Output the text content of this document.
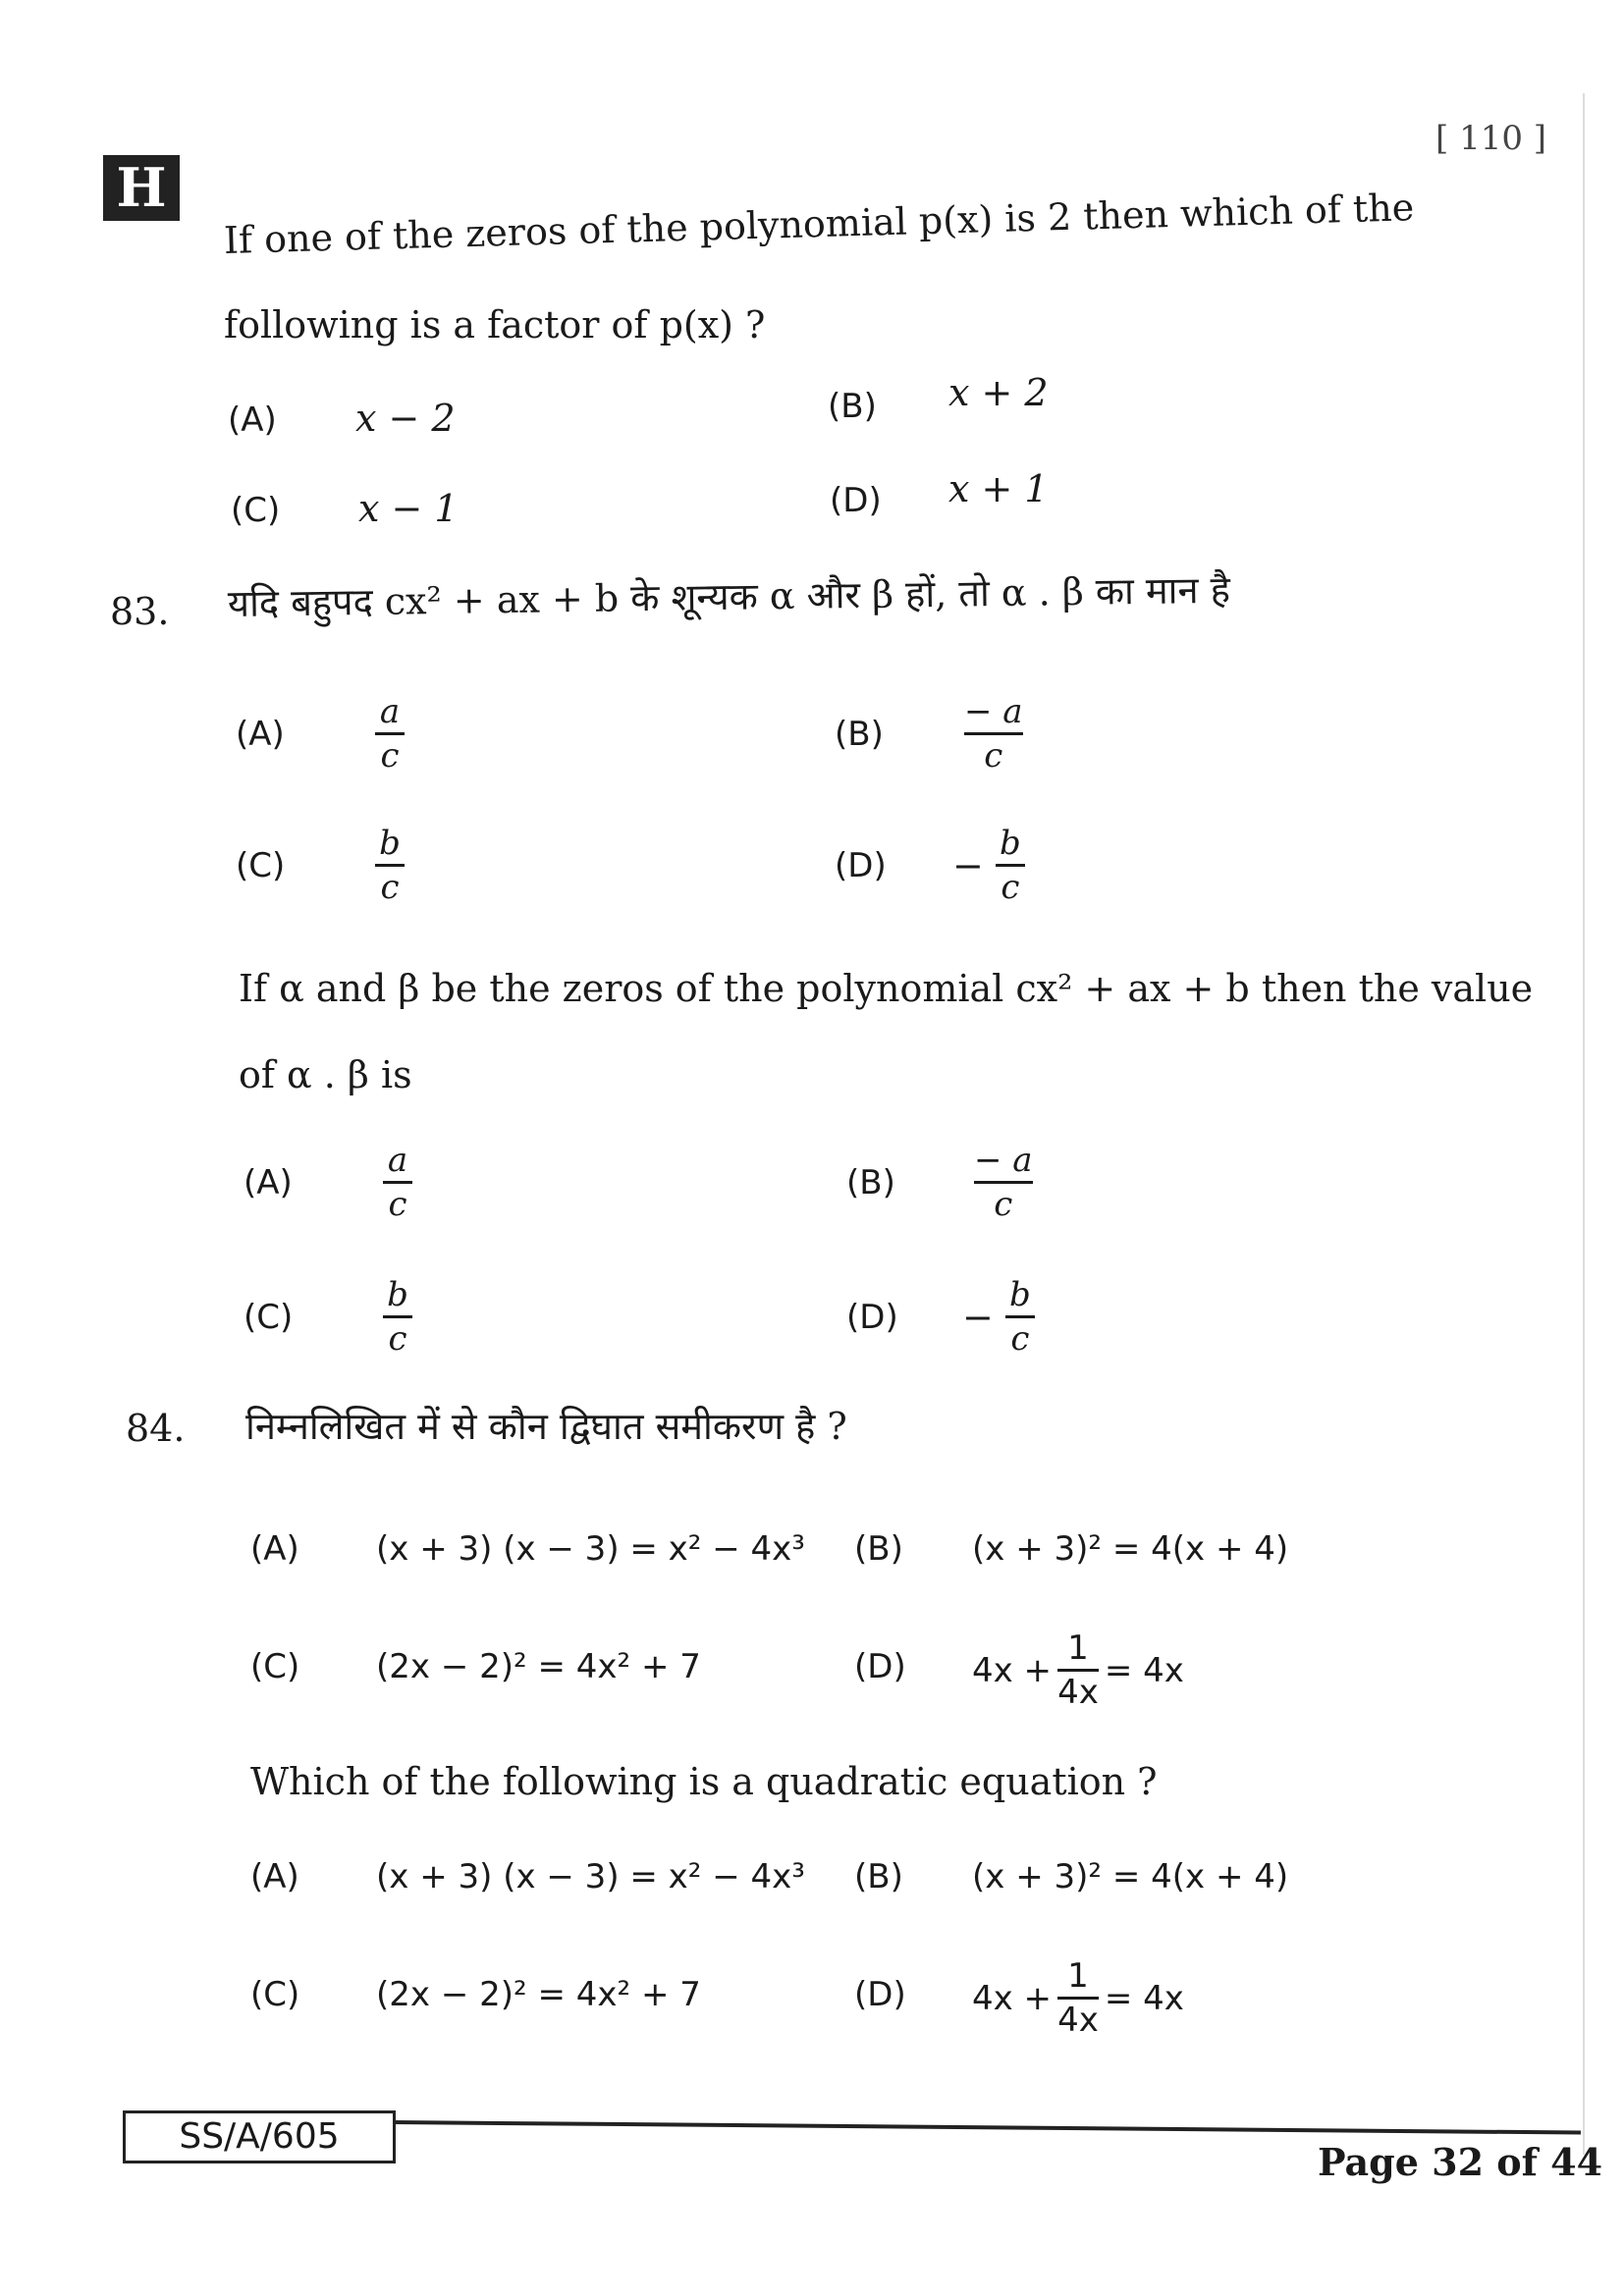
H
[ 110 ]
If one of the zeros of the polynomial p(x) is 2 then which of the
following is a factor of p(x) ?
(A) x − 2	(B) x + 2
(C) x − 1	(D) x + 1
83. यदि बहुपद cx² + ax + b के शून्यक α और β हों, तो α . β का मान है
(A)	$\frac{a}{c}$	$(B) \frac{- a}{c}$
(C)	$\frac{b}{c}$	$(D) - \frac{b}{c}$
If α and β be the zeros of the polynomial cx² + ax + b then the value
of α . β is
(A)	$\frac{a}{c}$	$(B) \frac{- a}{c}$
(C)	$\frac{b}{c}$	$(D) - \frac{b}{c}$
84. निम्नलिखित में से कौन द्विघात समीकरण है ?
(A) (x + 3) (x − 3) = x² − 4x³ (B) (x + 3)² = 4(x + 4)
(C) (2x − 2)² = 4x² + 7	(D) $4x + \frac{1}{4x} = 4x$
Which of the following is a quadratic equation ?
(A) (x + 3) (x − 3) = x² − 4x³ (B) (x + 3)² = 4(x + 4)
(C) (2x − 2)² = 4x² + 7	(D) $4x + \frac{1}{4x} = 4x$
SS/A/605
Page 32 of 44
